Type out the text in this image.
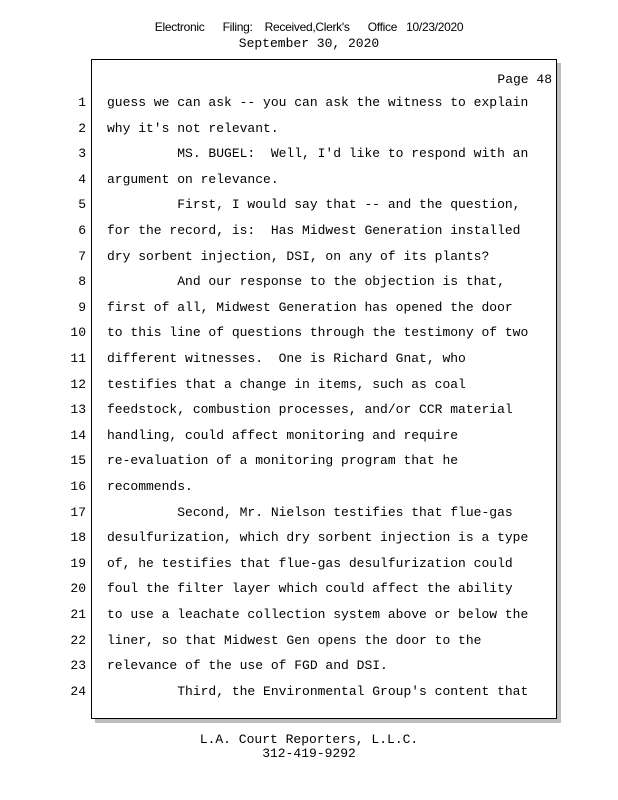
Electronic      Filing:    Received,Clerk's      Office   10/23/2020
September 30, 2020
Page 48
1 guess we can ask -- you can ask the witness to explain
2 why it's not relevant.
3 MS. BUGEL:  Well, I'd like to respond with an
4 argument on relevance.
5 First, I would say that -- and the question,
6 for the record, is:  Has Midwest Generation installed
7 dry sorbent injection, DSI, on any of its plants?
8 And our response to the objection is that,
9 first of all, Midwest Generation has opened the door
10 to this line of questions through the testimony of two
11 different witnesses.  One is Richard Gnat, who
12 testifies that a change in items, such as coal
13 feedstock, combustion processes, and/or CCR material
14 handling, could affect monitoring and require
15 re-evaluation of a monitoring program that he
16 recommends.
17 Second, Mr. Nielson testifies that flue-gas
18 desulfurization, which dry sorbent injection is a type
19 of, he testifies that flue-gas desulfurization could
20 foul the filter layer which could affect the ability
21 to use a leachate collection system above or below the
22 liner, so that Midwest Gen opens the door to the
23 relevance of the use of FGD and DSI.
24 Third, the Environmental Group's content that
L.A. Court Reporters, L.L.C.
312-419-9292
